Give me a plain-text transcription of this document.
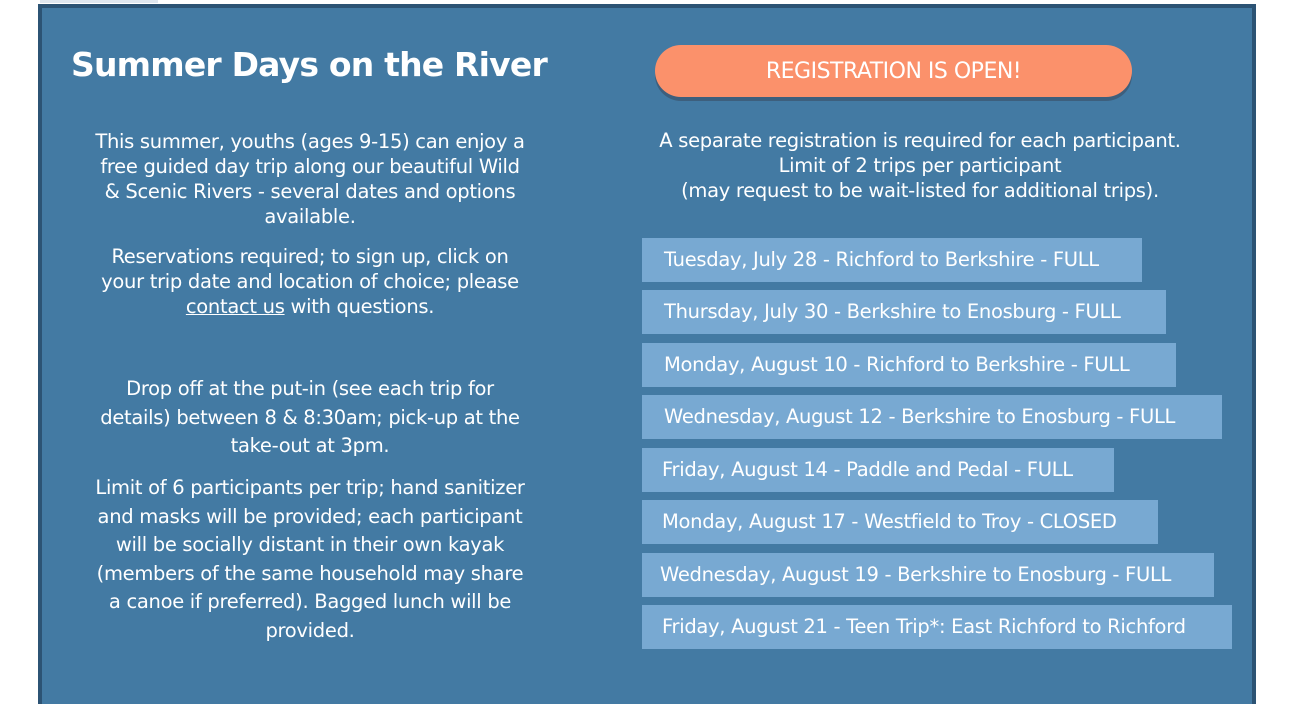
Summer Days on the River	REGISTRATION IS OPEN!

This summer, youths (ages 9-15) can enjoy a free guided day trip along our beautiful Wild & Scenic Rivers - several dates and options available.

Reservations required; to sign up, click on your trip date and location of choice; please contact us with questions.

Drop off at the put-in (see each trip for details) between 8 & 8:30am; pick-up at the take-out at 3pm.

Limit of 6 participants per trip; hand sanitizer and masks will be provided; each participant will be socially distant in their own kayak (members of the same household may share a canoe if preferred). Bagged lunch will be provided.

A separate registration is required for each participant.
Limit of 2 trips per participant
(may request to be wait-listed for additional trips).

Tuesday, July 28 - Richford to Berkshire - FULL
Thursday, July 30 - Berkshire to Enosburg - FULL
Monday, August 10 - Richford to Berkshire - FULL
Wednesday, August 12 - Berkshire to Enosburg - FULL
Friday, August 14 - Paddle and Pedal - FULL
Monday, August 17 - Westfield to Troy - CLOSED
Wednesday, August 19 - Berkshire to Enosburg - FULL
Friday, August 21 - Teen Trip*: East Richford to Richford
